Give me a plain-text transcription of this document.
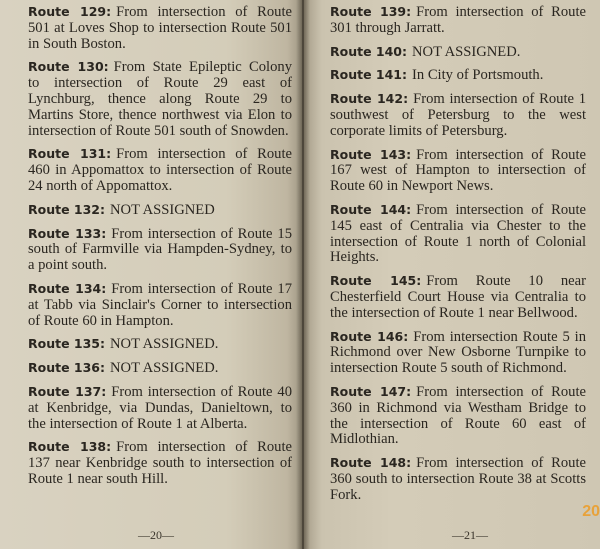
Route 129: From intersection of Route 501 at Loves Shop to intersection Route 501 in South Boston.
Route 130: From State Epileptic Colony to intersection of Route 29 east of Lynchburg, thence along Route 29 to Martins Store, thence northwest via Elon to intersection of Route 501 south of Snowden.
Route 131: From intersection of Route 460 in Appomattox to intersection of Route 24 north of Appomattox.
Route 132: NOT ASSIGNED
Route 133: From intersection of Route 15 south of Farmville via Hampden-Sydney, to a point south.
Route 134: From intersection of Route 17 at Tabb via Sinclair's Corner to intersection of Route 60 in Hampton.
Route 135: NOT ASSIGNED.
Route 136: NOT ASSIGNED.
Route 137: From intersection of Route 40 at Kenbridge, via Dundas, Danieltown, to the intersection of Route 1 at Alberta.
Route 138: From intersection of Route 137 near Kenbridge south to intersection of Route 1 near south Hill.
—20—
Route 139: From intersection of Route 301 through Jarratt.
Route 140: NOT ASSIGNED.
Route 141: In City of Portsmouth.
Route 142: From intersection of Route 1 southwest of Petersburg to the west corporate limits of Petersburg.
Route 143: From intersection of Route 167 west of Hampton to intersection of Route 60 in Newport News.
Route 144: From intersection of Route 145 east of Centralia via Chester to the intersection of Route 1 north of Colonial Heights.
Route 145: From Route 10 near Chesterfield Court House via Centralia to the intersection of Route 1 near Bellwood.
Route 146: From intersection Route 5 in Richmond over New Osborne Turnpike to intersection Route 5 south of Richmond.
Route 147: From intersection of Route 360 in Richmond via Westham Bridge to the intersection of Route 60 east of Midlothian.
Route 148: From intersection of Route 360 south to intersection Route 38 at Scotts Fork.
—21—
20
